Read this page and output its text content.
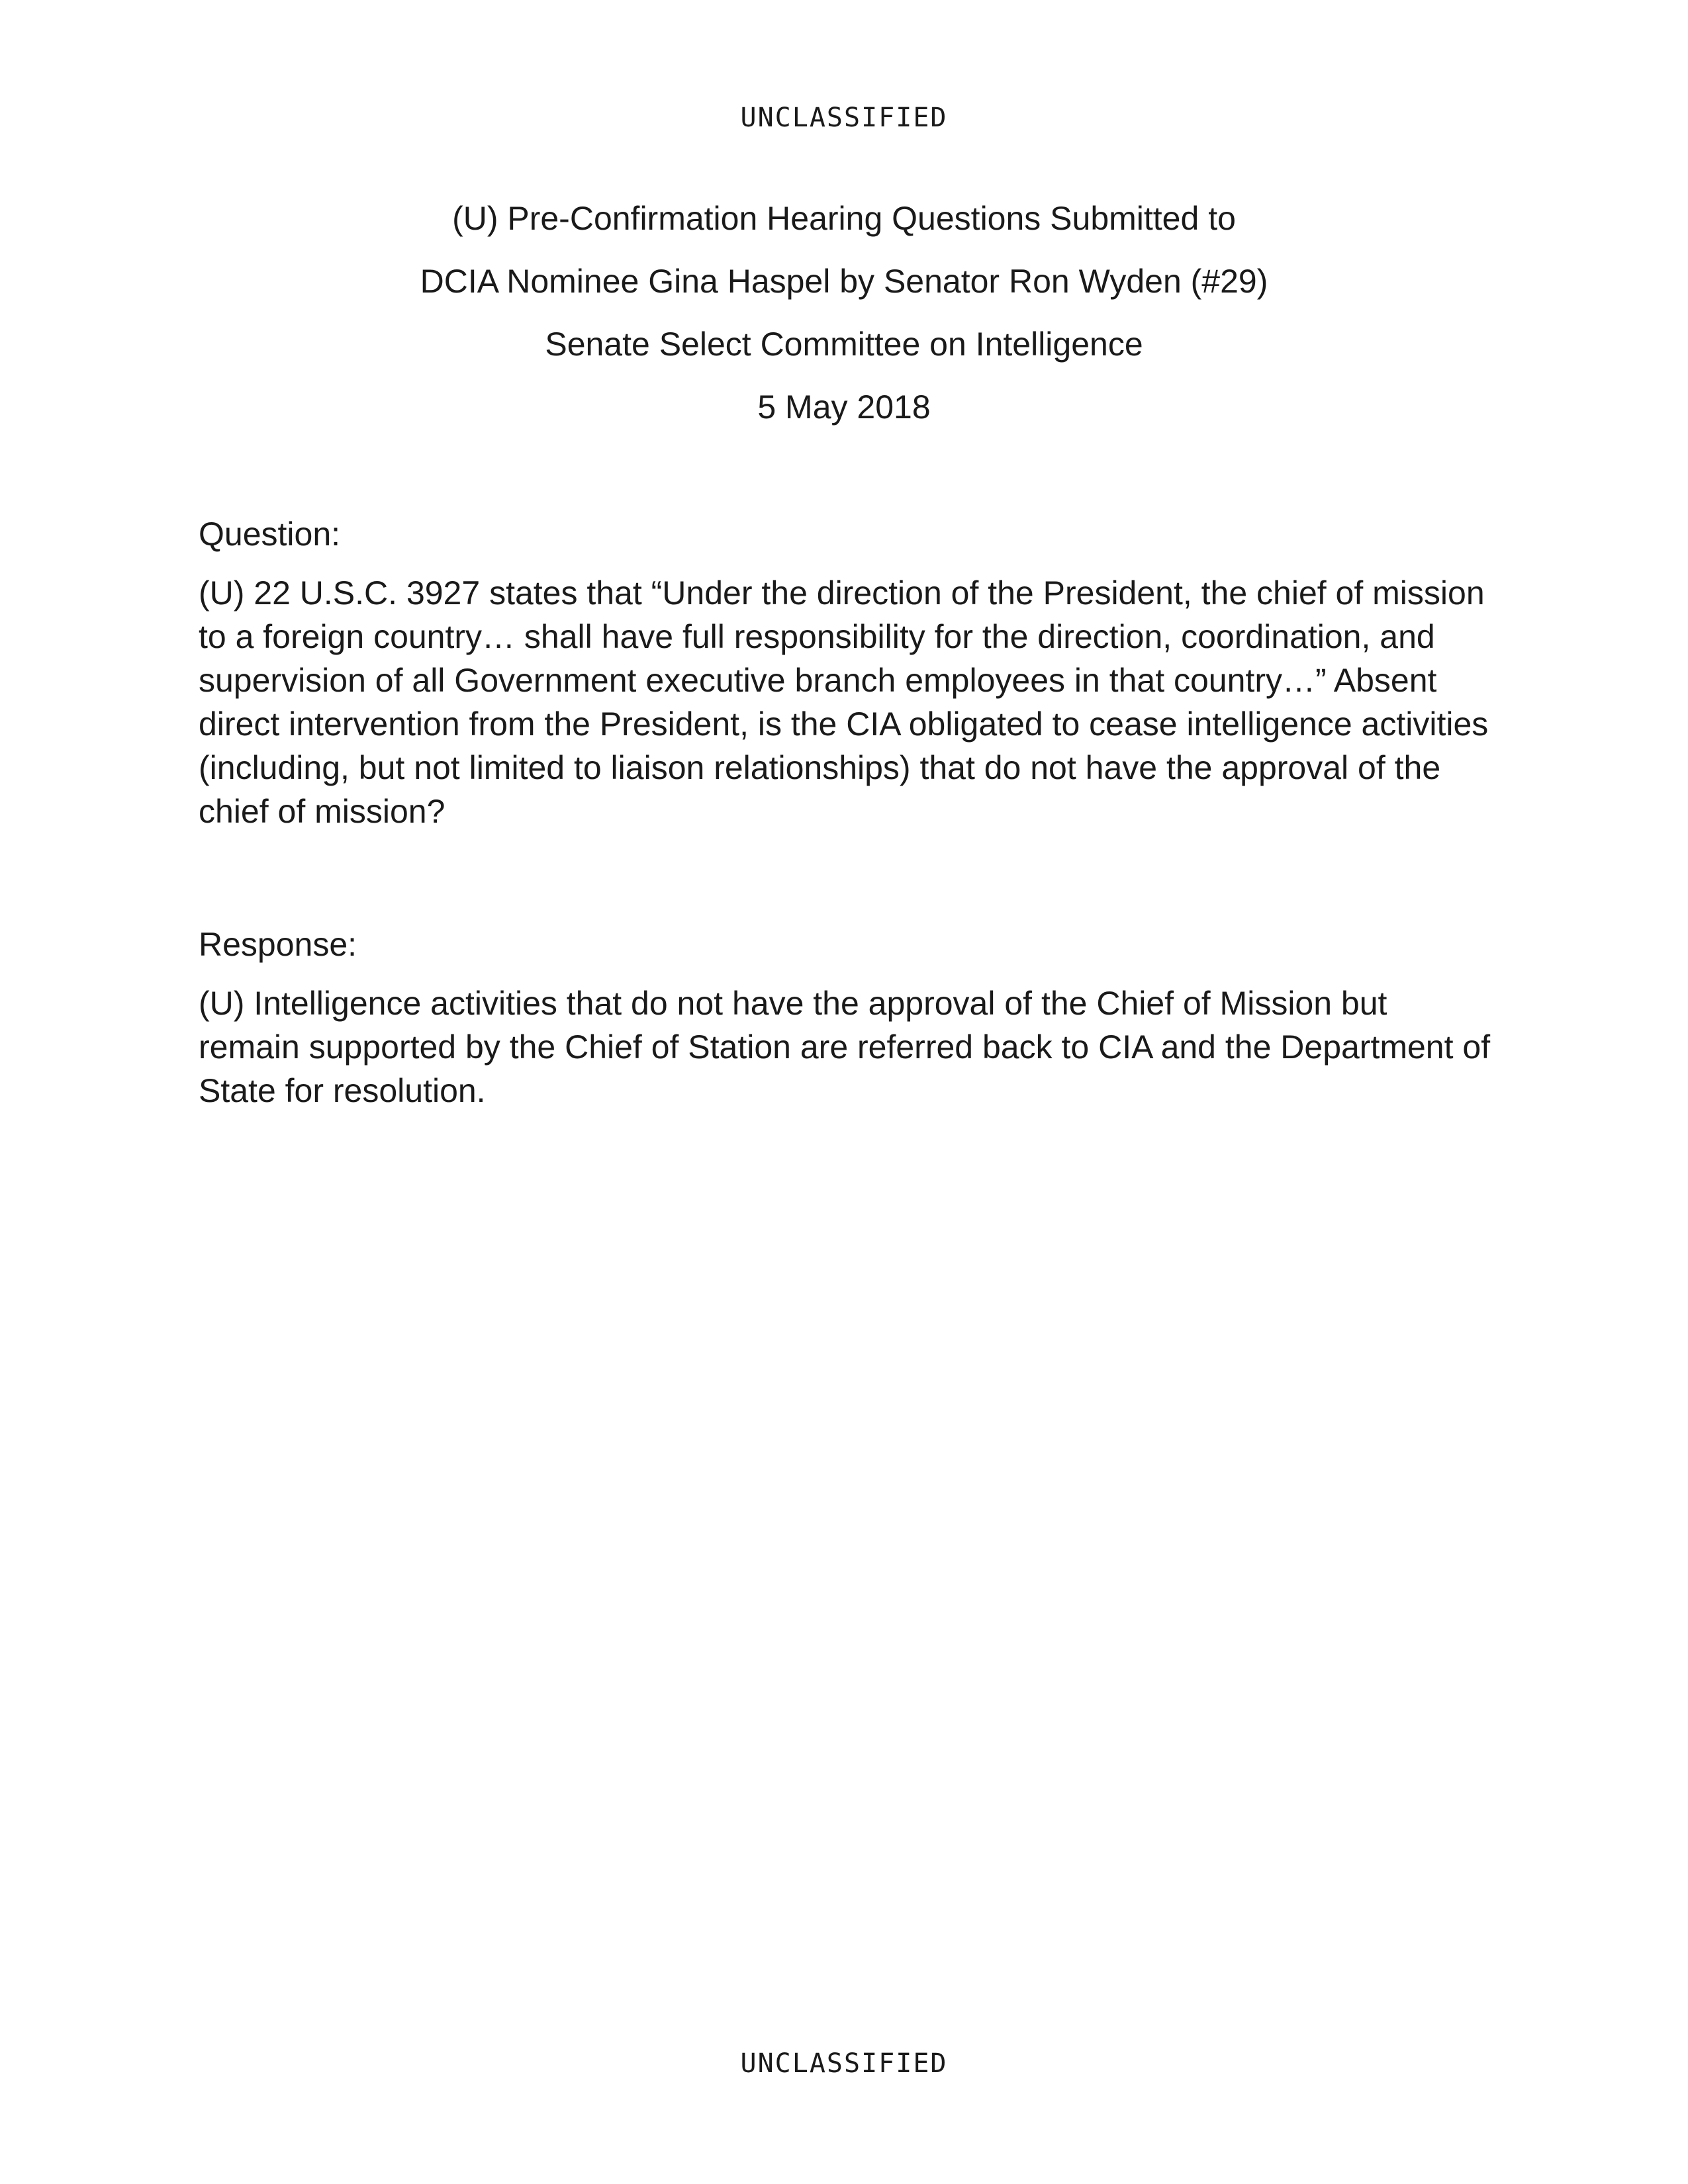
UNCLASSIFIED
(U) Pre-Confirmation Hearing Questions Submitted to
DCIA Nominee Gina Haspel by Senator Ron Wyden (#29)
Senate Select Committee on Intelligence
5 May 2018
Question:

(U) 22 U.S.C. 3927 states that “Under the direction of the President, the chief of mission to a foreign country… shall have full responsibility for the direction, coordination, and supervision of all Government executive branch employees in that country…” Absent direct intervention from the President, is the CIA obligated to cease intelligence activities (including, but not limited to liaison relationships) that do not have the approval of the chief of mission?

Response:

(U) Intelligence activities that do not have the approval of the Chief of Mission but remain supported by the Chief of Station are referred back to CIA and the Department of State for resolution.

UNCLASSIFIED
